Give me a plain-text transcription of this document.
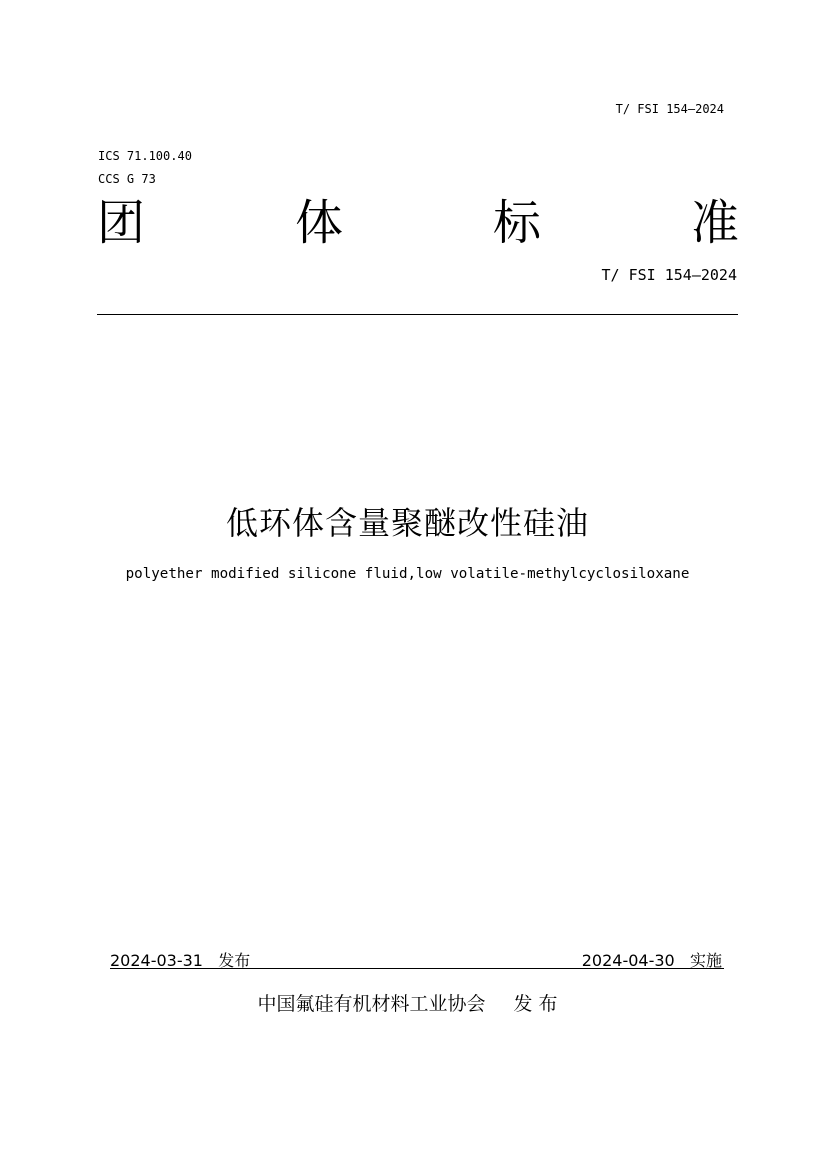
T/ FSI 154—2024
ICS 71.100.40
CCS G 73
团	体	标	准
T/ FSI 154—2024
低环体含量聚醚改性硅油
polyether modified silicone fluid,low volatile-methylcyclosiloxane
2024-03-31 发布	2024-04-30 实施
中国氟硅有机材料工业协会 发 布
